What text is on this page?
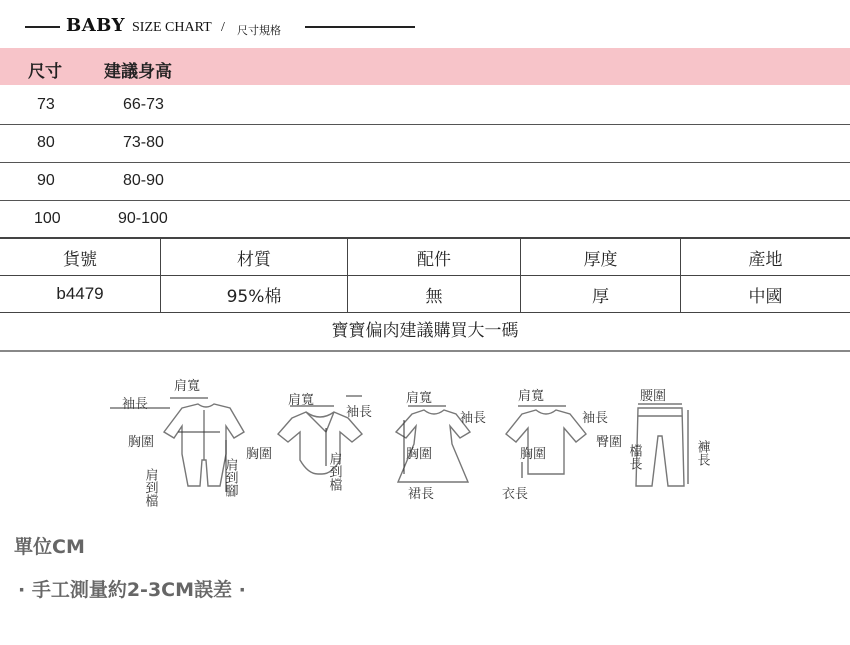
BABY SIZE CHART / 尺寸規格
尺寸 建議身高
73	66-73
80	73-80
90	80-90
100	90-100
貨號	材質	配件	厚度	產地
b4479	95%棉	無	厚	中國
寶寶偏肉建議購買大一碼
肩寬
袖長
胸圍
肩到檔	肩到腳
肩寬
袖長
胸圍	肩到檔
肩寬
袖長
胸圍
裙長
肩寬
袖長
胸圍
衣長
腰圍
臀圍
檔長	褲長
單位CM
· 手工測量約2-3CM誤差 ·
